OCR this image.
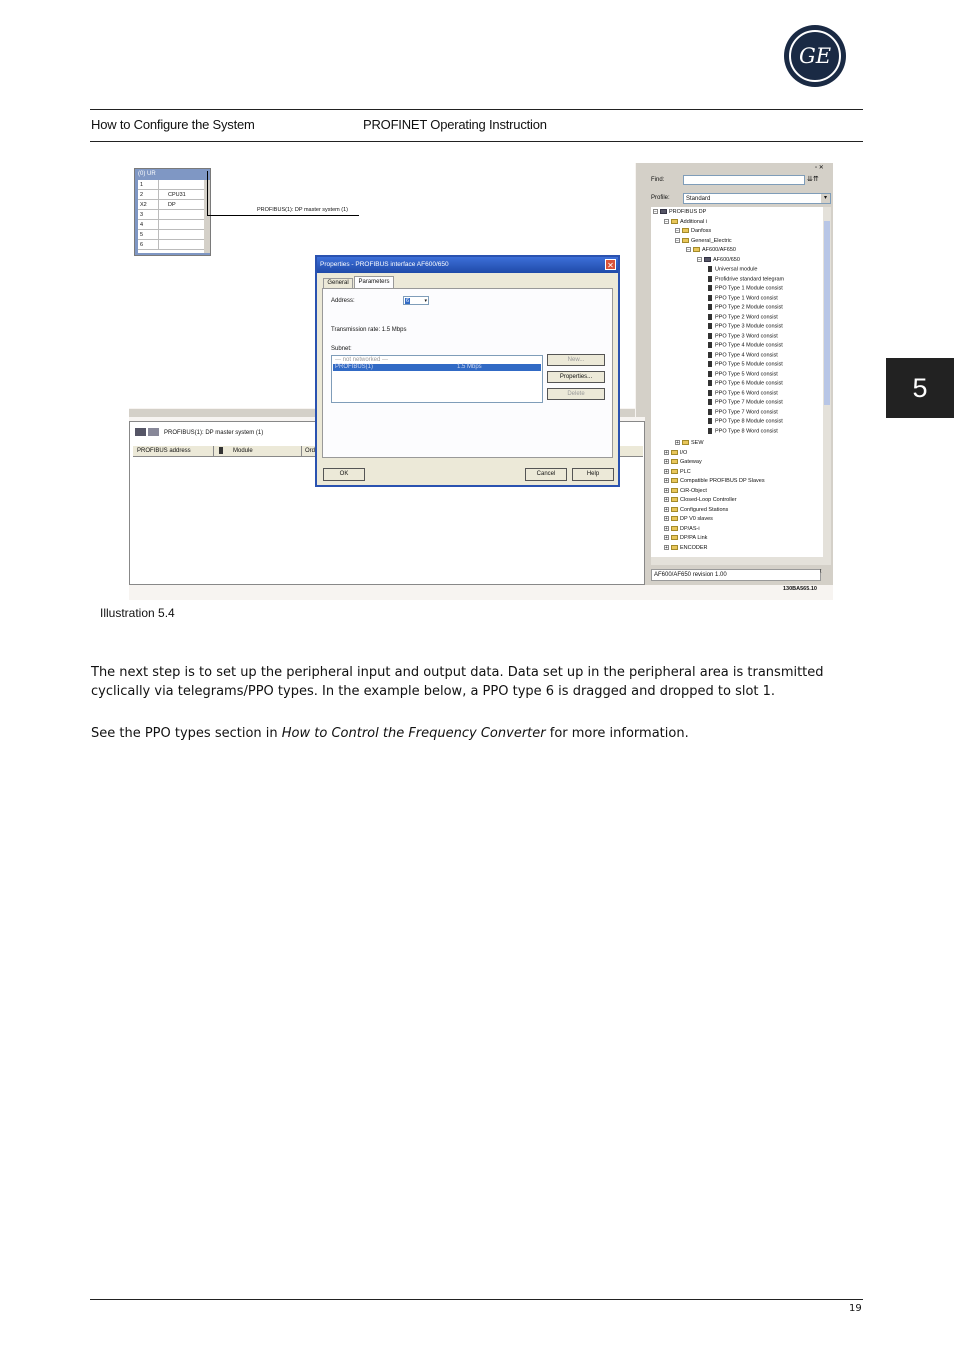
GE
How to Configure the System	PROFINET Operating Instruction
5
(0) UR
1
2	CPU31
X2	DP
3
4
5
6
PROFIBUS(1): DP master system (1)
PROFIBUS(1): DP master system (1)
PROFIBUS address	Module	Ord
Properties - PROFIBUS interface AF600/650	✕
General	Parameters
Address:	6	▾
Transmission rate: 1.5 Mbps
Subnet:
--- not networked ---
PROFIBUS(1)	1.5 Mbps
New...
Properties...
Delete
OK	Cancel	Help
▫ ✕
Find:	⇊⇈
Profile:	Standard	▾
− PROFIBUS DP
− Additional i
− Danfoss
− General_Electric
− AF600/AF650
− AF600/650
Universal module
Profidrive standard telegram
PPO Type 1 Module consist
PPO Type 1 Word consist
PPO Type 2 Module consist
PPO Type 2 Word consist
PPO Type 3 Module consist
PPO Type 3 Word consist
PPO Type 4 Module consist
PPO Type 4 Word consist
PPO Type 5 Module consist
PPO Type 5 Word consist
PPO Type 6 Module consist
PPO Type 6 Word consist
PPO Type 7 Module consist
PPO Type 7 Word consist
PPO Type 8 Module consist
PPO Type 8 Word consist
+ SEW
+ I/O
+ Gateway
+ PLC
+ Compatible PROFIBUS DP Slaves
+ CiR-Object
+ Closed-Loop Controller
+ Configured Stations
+ DP V0 slaves
+ DP/AS-i
+ DP/PA Link
+ ENCODER
AF600/AF650 revision 1.00	ᵗ
130BA565.10
Illustration 5.4
The next step is to set up the peripheral input and output data. Data set up in the peripheral area is transmitted cyclically via telegrams/PPO types. In the example below, a PPO type 6 is dragged and dropped to slot 1.
See the PPO types section in How to Control the Frequency Converter for more information.
19
